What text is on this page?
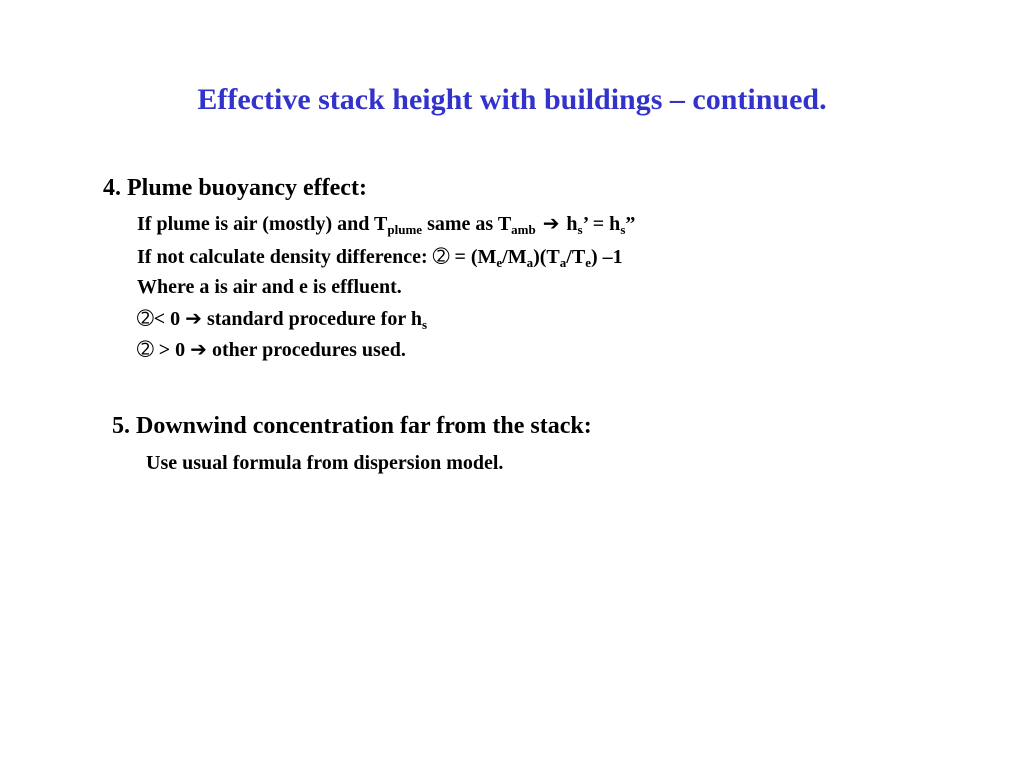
Effective stack height with buildings – continued.
4. Plume buoyancy effect:
If plume is air (mostly) and $T_{plume}$ same as $T_{amb}$ ➔ $h_s$’ = $h_s$”
If not calculate density difference: ➁ = $(M_e/M_a)(T_a/T_e)$ –1
Where a is air and e is effluent.
➁< 0 ➔ standard procedure for $h_s$
➁ > 0 ➔ other procedures used.
5. Downwind concentration far from the stack:
Use usual formula from dispersion model.
